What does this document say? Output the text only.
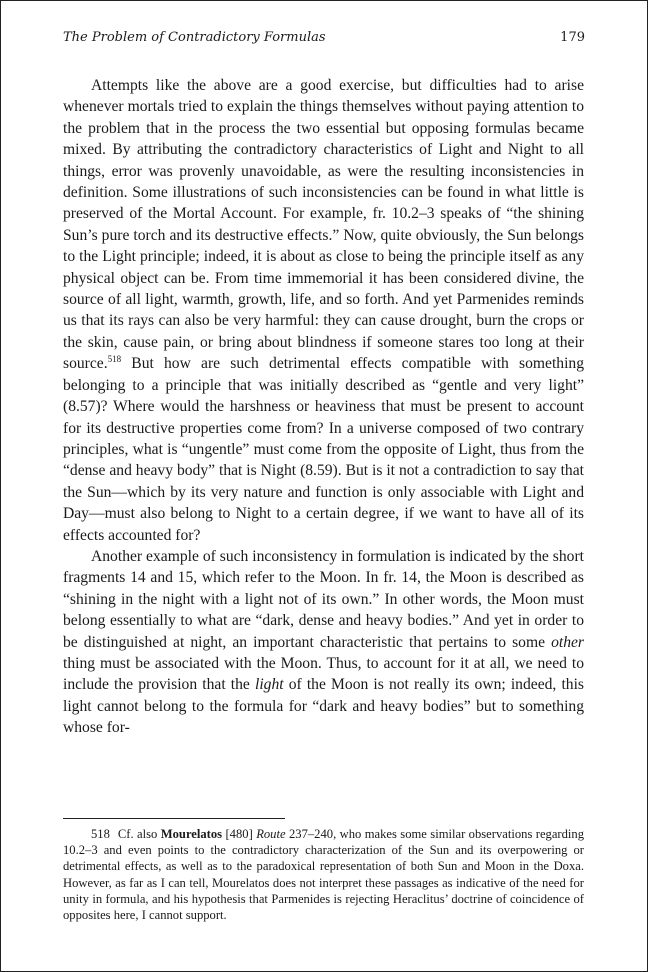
The Problem of Contradictory Formulas	179

Attempts like the above are a good exercise, but difficulties had to arise whenever mortals tried to explain the things themselves without paying attention to the problem that in the process the two essential but opposing formulas became mixed. By attributing the contradictory characteristics of Light and Night to all things, error was provenly unavoidable, as were the resulting inconsistencies in definition. Some illustrations of such inconsistencies can be found in what little is preserved of the Mortal Account. For example, fr. 10.2–3 speaks of “the shining Sun’s pure torch and its destructive effects.” Now, quite obviously, the Sun belongs to the Light principle; indeed, it is about as close to being the principle itself as any physical object can be. From time immemorial it has been considered divine, the source of all light, warmth, growth, life, and so forth. And yet Parmenides reminds us that its rays can also be very harmful: they can cause drought, burn the crops or the skin, cause pain, or bring about blindness if someone stares too long at their source.$^{518}$ But how are such detrimental effects compatible with something belonging to a principle that was initially described as “gentle and very light” (8.57)? Where would the harshness or heaviness that must be present to account for its destructive properties come from? In a universe composed of two contrary principles, what is “ungentle” must come from the opposite of Light, thus from the “dense and heavy body” that is Night (8.59). But is it not a contradiction to say that the Sun—which by its very nature and function is only associable with Light and Day—must also belong to Night to a certain degree, if we want to have all of its effects accounted for?

Another example of such inconsistency in formulation is indicated by the short fragments 14 and 15, which refer to the Moon. In fr. 14, the Moon is described as “shining in the night with a light not of its own.” In other words, the Moon must belong essentially to what are “dark, dense and heavy bodies.” And yet in order to be distinguished at night, an important characteristic that pertains to some other thing must be associated with the Moon. Thus, to account for it at all, we need to include the provision that the light of the Moon is not really its own; indeed, this light cannot belong to the formula for “dark and heavy bodies” but to something whose for-

518 Cf. also Mourelatos [480] Route 237–240, who makes some similar observations regarding 10.2–3 and even points to the contradictory characterization of the Sun and its overpowering or detrimental effects, as well as to the paradoxical representation of both Sun and Moon in the Doxa. However, as far as I can tell, Mourelatos does not interpret these passages as indicative of the need for unity in formula, and his hypothesis that Parmenides is rejecting Heraclitus’ doctrine of coincidence of opposites here, I cannot support.
